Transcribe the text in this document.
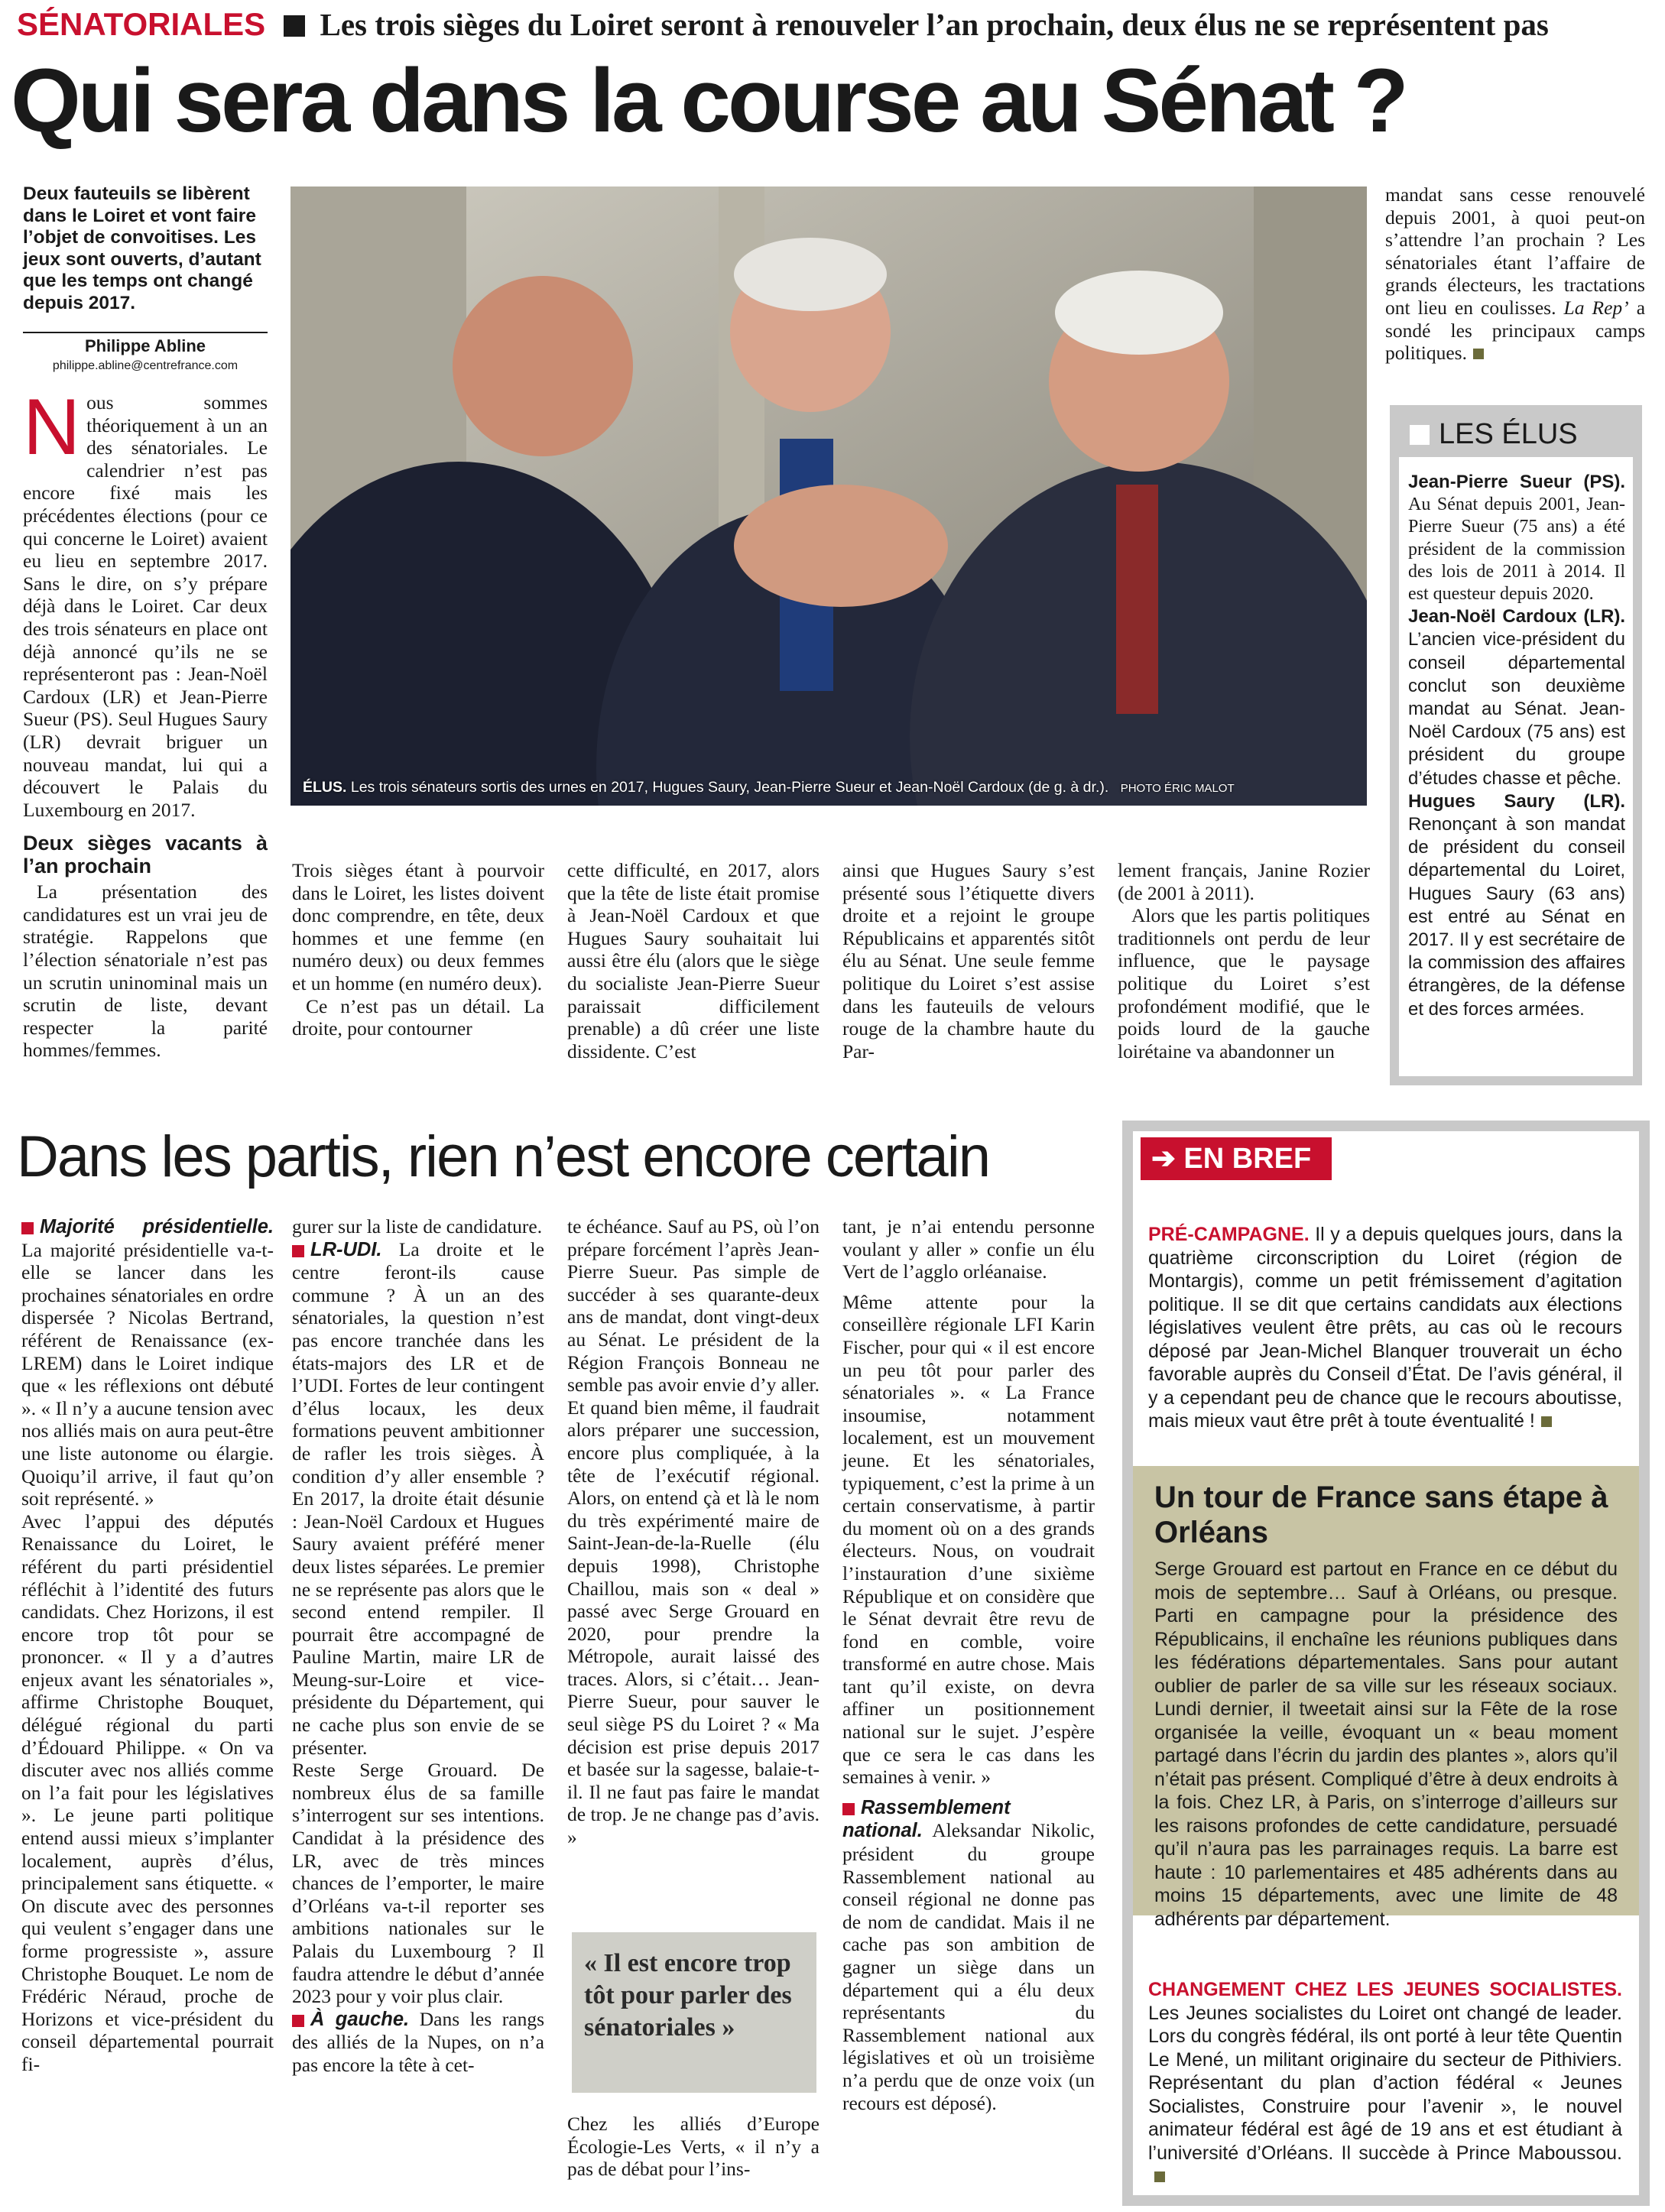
SÉNATORIALES Les trois sièges du Loiret seront à renouveler l’an prochain, deux élus ne se représentent pas
Qui sera dans la course au Sénat ?
Deux fauteuils se libèrent dans le Loiret et vont faire l’objet de convoitises. Les jeux sont ouverts, d’autant que les temps ont changé depuis 2017.
Philippe Abline
philippe.abline@centrefrance.com

N ous sommes théoriquement à un an des sénatoriales. Le calendrier n’est pas encore fixé mais les précédentes élections (pour ce qui concerne le Loiret) avaient eu lieu en septembre 2017. Sans le dire, on s’y prépare déjà dans le Loiret. Car deux des trois sénateurs en place ont déjà annoncé qu’ils ne se représenteront pas : Jean-Noël Cardoux (LR) et Jean-Pierre Sueur (PS). Seul Hugues Saury (LR) devrait briguer un nouveau mandat, lui qui a découvert le Palais du Luxembourg en 2017.

Deux sièges vacants à l’an prochain

La présentation des candidatures est un vrai jeu de stratégie. Rappelons que l’élection sénatoriale n’est pas un scrutin uninominal mais un scrutin de liste, devant respecter la parité hommes/femmes.

ÉLUS. Les trois sénateurs sortis des urnes en 2017, Hugues Saury, Jean-Pierre Sueur et Jean-Noël Cardoux (de g. à dr.). PHOTO ÉRIC MALOT

Trois sièges étant à pourvoir dans le Loiret, les listes doivent donc comprendre, en tête, deux hommes et une femme (en numéro deux) ou deux femmes et un homme (en numéro deux).

Ce n’est pas un détail. La droite, pour contourner

cette difficulté, en 2017, alors que la tête de liste était promise à Jean-Noël Cardoux et que Hugues Saury souhaitait lui aussi être élu (alors que le siège du socialiste Jean-Pierre Sueur paraissait difficilement prenable) a dû créer une liste dissidente. C’est

ainsi que Hugues Saury s’est présenté sous l’étiquette divers droite et a rejoint le groupe Républicains et apparentés sitôt élu au Sénat. Une seule femme politique du Loiret s’est assise dans les fauteuils de velours rouge de la chambre haute du Par-

lement français, Janine Rozier (de 2001 à 2011).

Alors que les partis politiques traditionnels ont perdu de leur influence, que le paysage politique du Loiret s’est profondément modifié, que le poids lourd de la gauche loirétaine va abandonner un

mandat sans cesse renouvelé depuis 2001, à quoi peut-on s’attendre l’an prochain ? Les sénatoriales étant l’affaire de grands électeurs, les tractations ont lieu en coulisses. La Rep’ a sondé les principaux camps politiques.

LES ÉLUS

Jean-Pierre Sueur (PS). Au Sénat depuis 2001, Jean-Pierre Sueur (75 ans) a été président de la commission des lois de 2011 à 2014. Il est questeur depuis 2020.

Jean-Noël Cardoux (LR). L’ancien vice-président du conseil départemental conclut son deuxième mandat au Sénat. Jean-Noël Cardoux (75 ans) est président du groupe d’études chasse et pêche.

Hugues Saury (LR). Renonçant à son mandat de président du conseil départemental du Loiret, Hugues Saury (63 ans) est entré au Sénat en 2017. Il y est secrétaire de la commission des affaires étrangères, de la défense et des forces armées.

Dans les partis, rien n’est encore certain

Majorité présidentielle. La majorité présidentielle va-t-elle se lancer dans les prochaines sénatoriales en ordre dispersée ? Nicolas Bertrand, référent de Renaissance (ex-LREM) dans le Loiret indique que « les réflexions ont débuté ». « Il n’y a aucune tension avec nos alliés mais on aura peut-être une liste autonome ou élargie. Quoiqu’il arrive, il faut qu’on soit représenté. »

Avec l’appui des députés Renaissance du Loiret, le référent du parti présidentiel réfléchit à l’identité des futurs candidats. Chez Horizons, il est encore trop tôt pour se prononcer. « Il y a d’autres enjeux avant les sénatoriales », affirme Christophe Bouquet, délégué régional du parti d’Édouard Philippe. « On va discuter avec nos alliés comme on l’a fait pour les législatives ». Le jeune parti politique entend aussi mieux s’implanter localement, auprès d’élus, principalement sans étiquette. « On discute avec des personnes qui veulent s’engager dans une forme progressiste », assure Christophe Bouquet. Le nom de Frédéric Néraud, proche de Horizons et vice-président du conseil départemental pourrait fi-

gurer sur la liste de candidature.

LR-UDI. La droite et le centre feront-ils cause commune ? À un an des sénatoriales, la question n’est pas encore tranchée dans les états-majors des LR et de l’UDI. Fortes de leur contingent d’élus locaux, les deux formations peuvent ambitionner de rafler les trois sièges. À condition d’y aller ensemble ? En 2017, la droite était désunie : Jean-Noël Cardoux et Hugues Saury avaient préféré mener deux listes séparées. Le premier ne se représente pas alors que le second entend rempiler. Il pourrait être accompagné de Pauline Martin, maire LR de Meung-sur-Loire et vice-présidente du Département, qui ne cache plus son envie de se présenter.

Reste Serge Grouard. De nombreux élus de sa famille s’interrogent sur ses intentions. Candidat à la présidence des LR, avec de très minces chances de l’emporter, le maire d’Orléans va-t-il reporter ses ambitions nationales sur le Palais du Luxembourg ? Il faudra attendre le début d’année 2023 pour y voir plus clair.

À gauche. Dans les rangs des alliés de la Nupes, on n’a pas encore la tête à cet-

te échéance. Sauf au PS, où l’on prépare forcément l’après Jean-Pierre Sueur. Pas simple de succéder à ses quarante-deux ans de mandat, dont vingt-deux au Sénat. Le président de la Région François Bonneau ne semble pas avoir envie d’y aller. Et quand bien même, il faudrait alors préparer une succession, encore plus compliquée, à la tête de l’exécutif régional. Alors, on entend çà et là le nom du très expérimenté maire de Saint-Jean-de-la-Ruelle (élu depuis 1998), Christophe Chaillou, mais son « deal » passé avec Serge Grouard en 2020, pour prendre la Métropole, aurait laissé des traces. Alors, si c’était… Jean-Pierre Sueur, pour sauver le seul siège PS du Loiret ? « Ma décision est prise depuis 2017 et basée sur la sagesse, balaie-t-il. Il ne faut pas faire le mandat de trop. Je ne change pas d’avis. »

« Il est encore trop tôt pour parler des sénatoriales »

Chez les alliés d’Europe Écologie-Les Verts, « il n’y a pas de débat pour l’ins-

tant, je n’ai entendu personne voulant y aller » confie un élu Vert de l’agglo orléanaise.

Même attente pour la conseillère régionale LFI Karin Fischer, pour qui « il est encore un peu tôt pour parler des sénatoriales ». « La France insoumise, notamment localement, est un mouvement jeune. Et les sénatoriales, typiquement, c’est la prime à un certain conservatisme, à partir du moment où on a des grands électeurs. Nous, on voudrait l’instauration d’une sixième République et on considère que le Sénat devrait être revu de fond en comble, voire transformé en autre chose. Mais tant qu’il existe, on devra affiner un positionnement national sur le sujet. J’espère que ce sera le cas dans les semaines à venir. »

Rassemblement national. Aleksandar Nikolic, président du groupe Rassemblement national au conseil régional ne donne pas de nom de candidat. Mais il ne cache pas son ambition de gagner un siège dans un département qui a élu deux représentants du Rassemblement national aux législatives et où un troisième n’a perdu que de onze voix (un recours est déposé).

➔ EN BREF

PRÉ-CAMPAGNE. Il y a depuis quelques jours, dans la quatrième circonscription du Loiret (région de Montargis), comme un petit frémissement d’agitation politique. Il se dit que certains candidats aux élections législatives veulent être prêts, au cas où le recours déposé par Jean-Michel Blanquer trouverait un écho favorable auprès du Conseil d’État. De l’avis général, il y a cependant peu de chance que le recours aboutisse, mais mieux vaut être prêt à toute éventualité !

Un tour de France sans étape à Orléans
Serge Grouard est partout en France en ce début du mois de septembre… Sauf à Orléans, ou presque. Parti en campagne pour la présidence des Républicains, il enchaîne les réunions publiques dans les fédérations départementales. Sans pour autant oublier de parler de sa ville sur les réseaux sociaux. Lundi dernier, il tweetait ainsi sur la Fête de la rose organisée la veille, évoquant un « beau moment partagé dans l’écrin du jardin des plantes », alors qu’il n’était pas présent. Compliqué d’être à deux endroits à la fois. Chez LR, à Paris, on s’interroge d’ailleurs sur les raisons profondes de cette candidature, persuadé qu’il n’aura pas les parrainages requis. La barre est haute : 10 parlementaires et 485 adhérents dans au moins 15 départements, avec une limite de 48 adhérents par département.

CHANGEMENT CHEZ LES JEUNES SOCIALISTES. Les Jeunes socialistes du Loiret ont changé de leader. Lors du congrès fédéral, ils ont porté à leur tête Quentin Le Mené, un militant originaire du secteur de Pithiviers. Représentant du plan d’action fédéral « Jeunes Socialistes, Construire pour l’avenir », le nouvel animateur fédéral est âgé de 19 ans et est étudiant à l’université d’Orléans. Il succède à Prince Maboussou.
